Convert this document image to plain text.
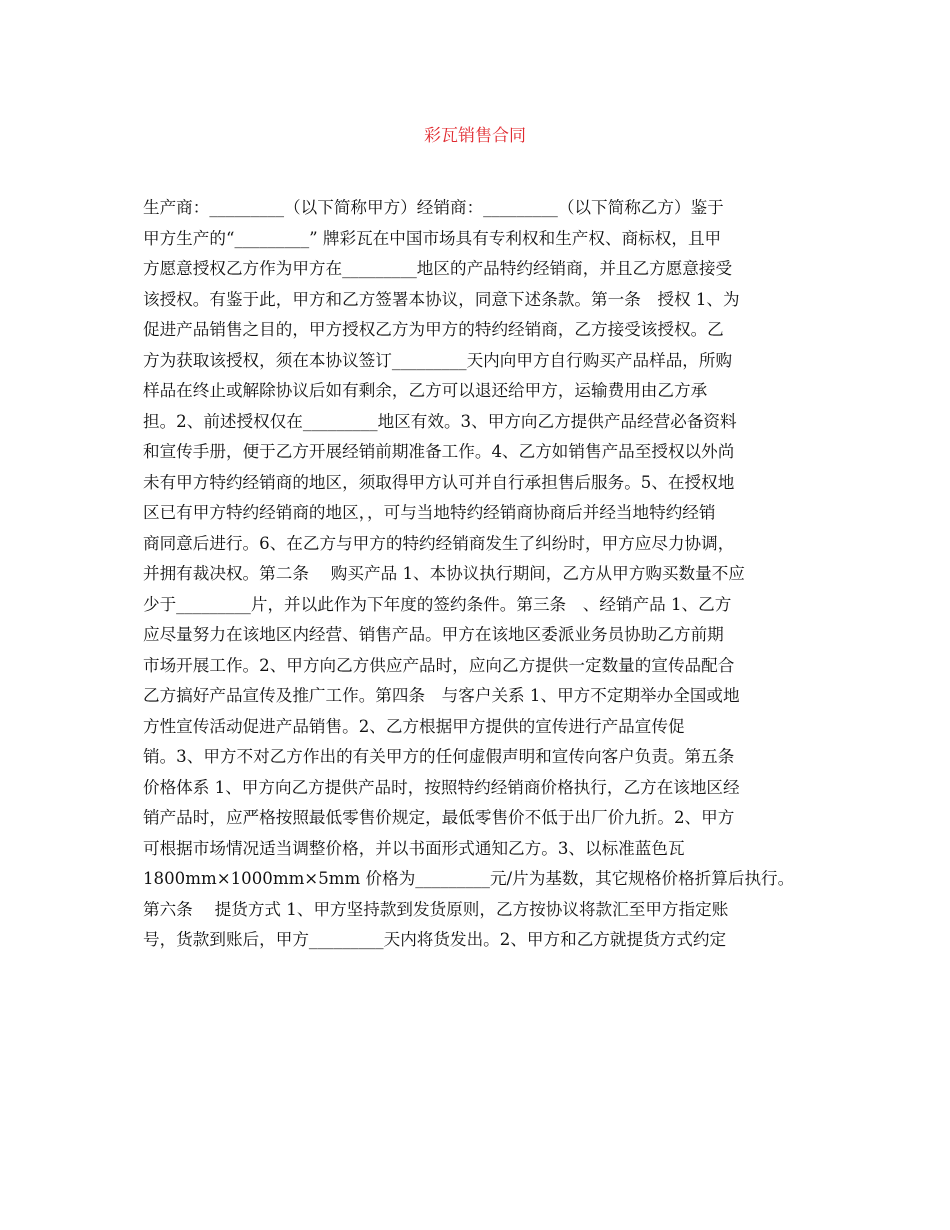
彩瓦销售合同
生产商：_________（以下简称甲方）经销商：_________（以下简称乙方）鉴于
甲方生产的“_________” 牌彩瓦在中国市场具有专利权和生产权、商标权，且甲
方愿意授权乙方作为甲方在_________地区的产品特约经销商，并且乙方愿意接受
该授权。有鉴于此，甲方和乙方签署本协议，同意下述条款。第一条　授权 1、为
促进产品销售之目的，甲方授权乙方为甲方的特约经销商，乙方接受该授权。乙
方为获取该授权，须在本协议签订_________天内向甲方自行购买产品样品，所购
样品在终止或解除协议后如有剩余，乙方可以退还给甲方，运输费用由乙方承
担。2、前述授权仅在_________地区有效。3、甲方向乙方提供产品经营必备资料
和宣传手册，便于乙方开展经销前期准备工作。4、乙方如销售产品至授权以外尚
未有甲方特约经销商的地区，须取得甲方认可并自行承担售后服务。5、在授权地
区已有甲方特约经销商的地区，，可与当地特约经销商协商后并经当地特约经销
商同意后进行。6、在乙方与甲方的特约经销商发生了纠纷时，甲方应尽力协调，
并拥有裁决权。第二条　 购买产品 1、本协议执行期间，乙方从甲方购买数量不应
少于_________片，并以此作为下年度的签约条件。第三条　、经销产品 1、乙方
应尽量努力在该地区内经营、销售产品。甲方在该地区委派业务员协助乙方前期
市场开展工作。2、甲方向乙方供应产品时，应向乙方提供一定数量的宣传品配合
乙方搞好产品宣传及推广工作。第四条　与客户关系 1、甲方不定期举办全国或地
方性宣传活动促进产品销售。2、乙方根据甲方提供的宣传进行产品宣传促
销。3、甲方不对乙方作出的有关甲方的任何虚假声明和宣传向客户负责。第五条
价格体系 1、甲方向乙方提供产品时，按照特约经销商价格执行，乙方在该地区经
销产品时，应严格按照最低零售价规定，最低零售价不低于出厂价九折。2、甲方
可根据市场情况适当调整价格，并以书面形式通知乙方。3、以标准蓝色瓦
1800mm×1000mm×5mm 价格为_________元/片为基数，其它规格价格折算后执行。
第六条　 提货方式 1、甲方坚持款到发货原则，乙方按协议将款汇至甲方指定账
号，货款到账后，甲方_________天内将货发出。2、甲方和乙方就提货方式约定
